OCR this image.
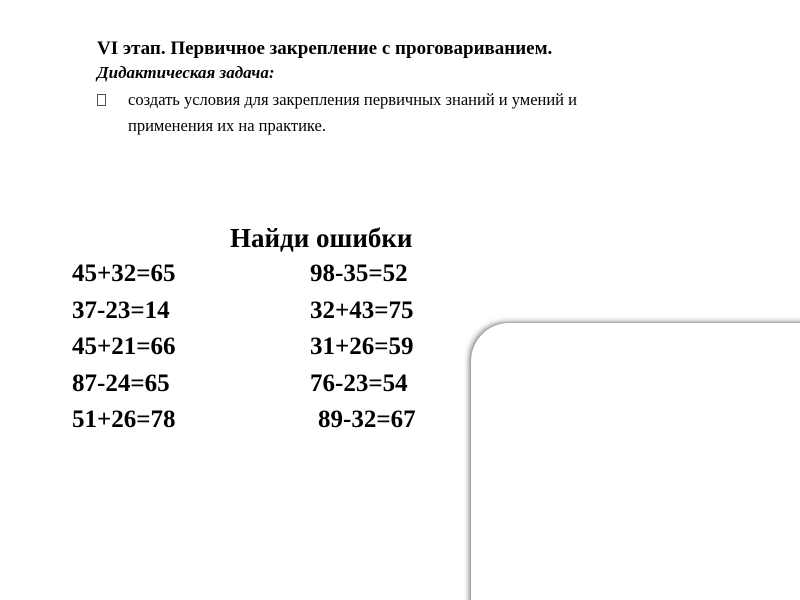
VI этап. Первичное закрепление с проговариванием.
Дидактическая задача:
создать условия для закрепления первичных знаний и умений и
применения их на практике.
Найди ошибки
45+32=65
37-23=14
45+21=66
87-24=65
51+26=78
98-35=52
32+43=75
31+26=59
76-23=54
89-32=67
